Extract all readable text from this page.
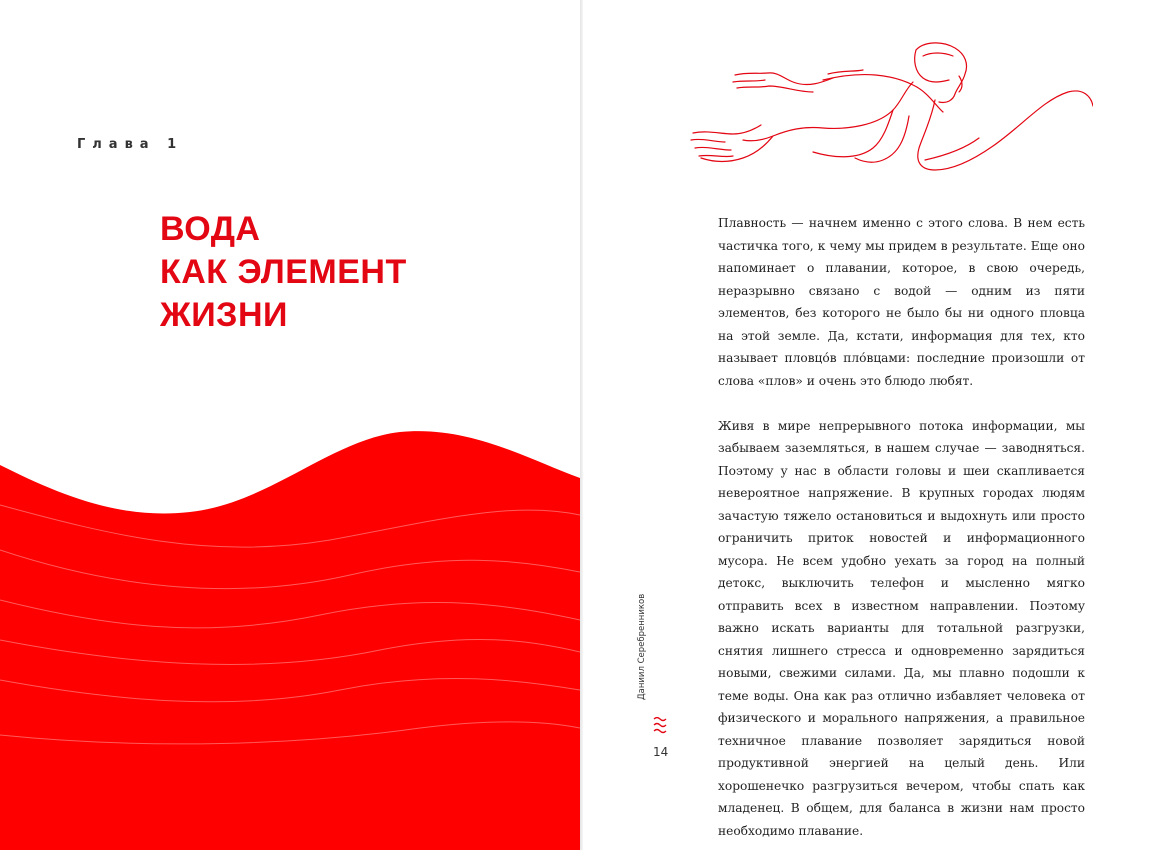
Глава 1
ВОДА
КАК ЭЛЕМЕНТ
ЖИЗНИ

Плавность — начнем именно с этого слова. В нем есть частичка того, к чему мы придем в результате. Еще оно напоминает о плавании, которое, в свою очередь, неразрывно связано с водой — одним из пяти элементов, без которого не было бы ни одного пловца на этой земле. Да, кстати, информация для тех, кто называет пловцо́в пло́вцами: последние произошли от слова «плов» и очень это блюдо любят.

Живя в мире непрерывного потока информации, мы забываем заземляться, в нашем случае — заводняться. Поэтому у нас в области головы и шеи скапливается невероятное напряжение. В крупных городах людям зачастую тяжело остановиться и выдохнуть или просто ограничить приток новостей и информационного мусора. Не всем удобно уехать за город на полный детокс, выключить телефон и мысленно мягко отправить всех в известном направлении. Поэтому важно искать варианты для тотальной разгрузки, снятия лишнего стресса и одновременно зарядиться новыми, свежими силами. Да, мы плавно подошли к теме воды. Она как раз отлично избавляет человека от физического и морального напряжения, а правильное техничное плавание позволяет зарядиться новой продуктивной энергией на целый день. Или хорошенечко разгрузиться вечером, чтобы спать как младенец. В общем, для баланса в жизни нам просто необходимо плавание.

Даниил Серебренников
14
